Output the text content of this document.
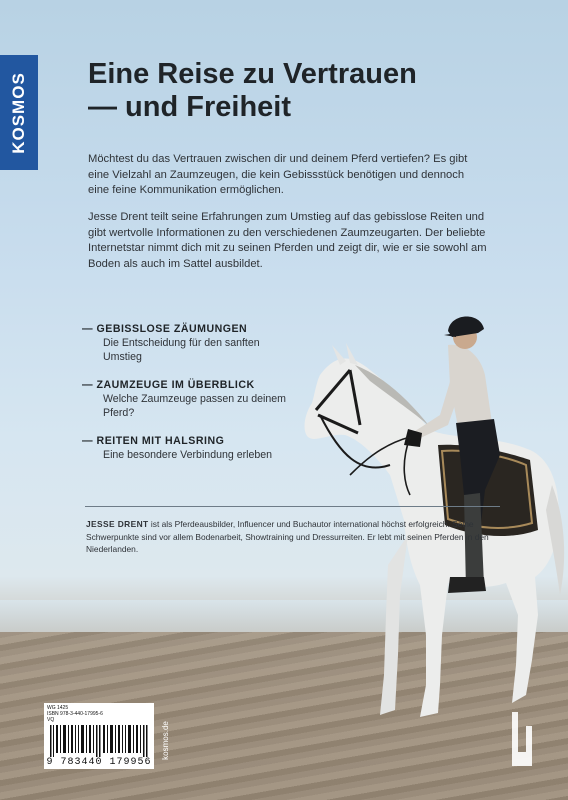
KOSMOS Eine Reise zu Vertrauen
— und Freiheit

Möchtest du das Vertrauen zwischen dir und deinem Pferd vertiefen? Es gibt eine Vielzahl an Zaumzeugen, die kein Gebissstück benötigen und dennoch eine feine Kommunikation ermöglichen.

Jesse Drent teilt seine Erfahrungen zum Umstieg auf das gebisslose Reiten und gibt wertvolle Informationen zu den verschiedenen Zaumzeugarten. Der beliebte Internetstar nimmt dich mit zu seinen Pferden und zeigt dir, wie er sie sowohl am Boden als auch im Sattel ausbildet.

— GEBISSLOSE ZÄUMUNGEN
Die Entscheidung für den sanften Umstieg
— ZAUMZEUGE IM ÜBERBLICK
Welche Zaumzeuge passen zu deinem Pferd?
— REITEN MIT HALSRING
Eine besondere Verbindung erleben

JESSE DRENT ist als Pferdeausbilder, Influencer und Buchautor international höchst erfolgreich. Seine Schwerpunkte sind vor allem Bodenarbeit, Showtraining und Dressurreiten. Er lebt mit seinen Pferden in den Niederlanden.

WG 1425
ISBN 978-3-440-17995-6
VQ
9 783440 179956
kosmos.de
